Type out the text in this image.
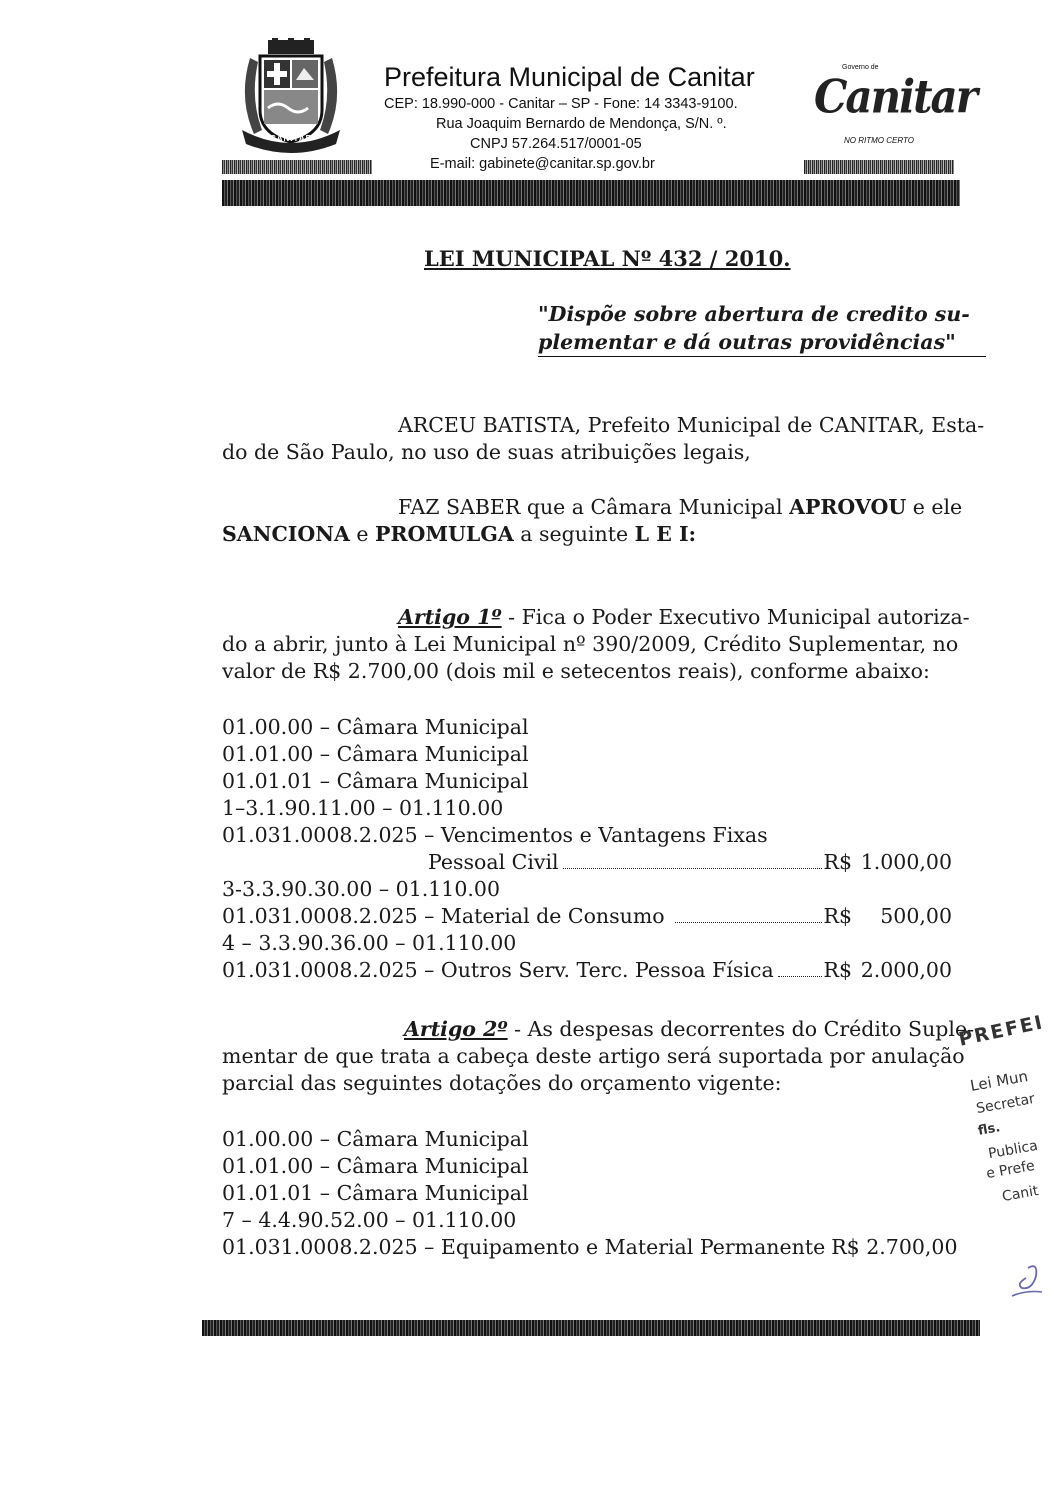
CANITAR
Prefeitura Municipal de Canitar
CEP: 18.990-000 - Canitar – SP - Fone: 14 3343-9100.
Rua Joaquim Bernardo de Mendonça, S/N. º.
CNPJ 57.264.517/0001-05
E-mail: gabinete@canitar.sp.gov.br
Governo de
Canitar
NO RITMO CERTO
LEI MUNICIPAL Nº 432 / 2010.
"Dispõe sobre abertura de credito su-
plementar e dá outras providências"
ARCEU BATISTA, Prefeito Municipal de CANITAR, Esta-
do de São Paulo, no uso de suas atribuições legais,
FAZ SABER que a Câmara Municipal APROVOU e ele
SANCIONA e PROMULGA a seguinte L E I:
Artigo 1º - Fica o Poder Executivo Municipal autoriza-
do a abrir, junto à Lei Municipal nº 390/2009, Crédito Suplementar, no
valor de R$ 2.700,00 (dois mil e setecentos reais), conforme abaixo:
01.00.00 – Câmara Municipal
01.01.00 – Câmara Municipal
01.01.01 – Câmara Municipal
1–3.1.90.11.00 – 01.110.00
01.031.0008.2.025 – Vencimentos e Vantagens Fixas
Pessoal Civil	R$ 1.000,00
3-3.3.90.30.00 – 01.110.00
01.031.0008.2.025 – Material de Consumo	R$	500,00
4 – 3.3.90.36.00 – 01.110.00
01.031.0008.2.025 – Outros Serv. Terc. Pessoa Física R$ 2.000,00
Artigo 2º - As despesas decorrentes do Crédito Suple-
mentar de que trata a cabeça deste artigo será suportada por anulação
parcial das seguintes dotações do orçamento vigente:
01.00.00 – Câmara Municipal
01.01.00 – Câmara Municipal
01.01.01 – Câmara Municipal
7 – 4.4.90.52.00 – 01.110.00
01.031.0008.2.025 – Equipamento e Material Permanente R$ 2.700,00
PREFEI
Lei Mun
Secretar
fls.
Publica
e Prefe
Canit
